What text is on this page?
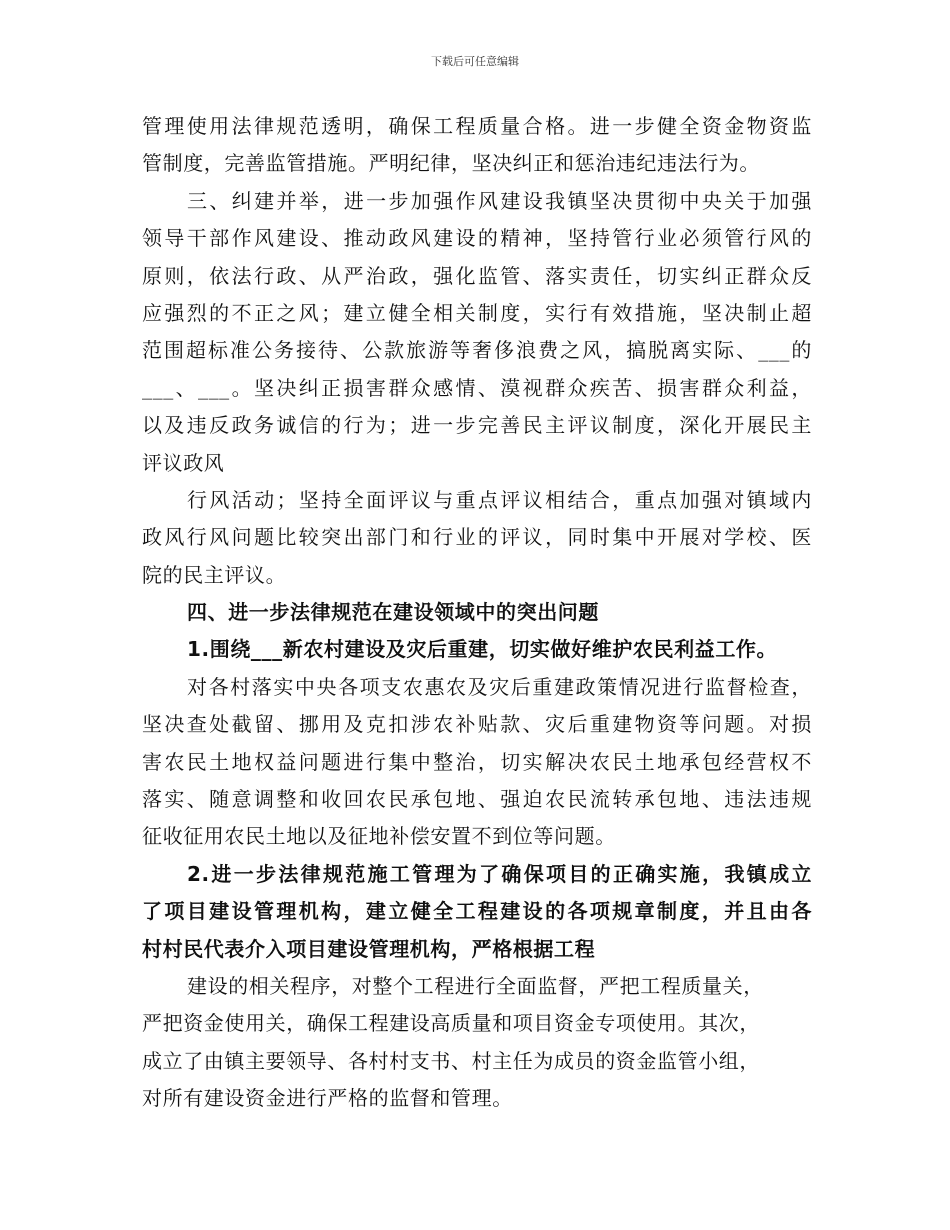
下载后可任意编辑
管理使用法律规范透明，确保工程质量合格。进一步健全资金物资监
管制度，完善监管措施。严明纪律，坚决纠正和惩治违纪违法行为。
三、纠建并举，进一步加强作风建设我镇坚决贯彻中央关于加强
领导干部作风建设、推动政风建设的精神，坚持管行业必须管行风的
原则，依法行政、从严治政，强化监管、落实责任，切实纠正群众反
应强烈的不正之风；建立健全相关制度，实行有效措施，坚决制止超
范围超标准公务接待、公款旅游等奢侈浪费之风，搞脱离实际、___的
___、___。坚决纠正损害群众感情、漠视群众疾苦、损害群众利益，
以及违反政务诚信的行为；进一步完善民主评议制度，深化开展民主
评议政风
行风活动；坚持全面评议与重点评议相结合，重点加强对镇域内
政风行风问题比较突出部门和行业的评议，同时集中开展对学校、医
院的民主评议。
四、进一步法律规范在建设领域中的突出问题
1.围绕___新农村建设及灾后重建，切实做好维护农民利益工作。
对各村落实中央各项支农惠农及灾后重建政策情况进行监督检查，
坚决查处截留、挪用及克扣涉农补贴款、灾后重建物资等问题。对损
害农民土地权益问题进行集中整治，切实解决农民土地承包经营权不
落实、随意调整和收回农民承包地、强迫农民流转承包地、违法违规
征收征用农民土地以及征地补偿安置不到位等问题。
2.进一步法律规范施工管理为了确保项目的正确实施，我镇成立
了项目建设管理机构，建立健全工程建设的各项规章制度，并且由各
村村民代表介入项目建设管理机构，严格根据工程
建设的相关程序，对整个工程进行全面监督，严把工程质量关，
严把资金使用关，确保工程建设高质量和项目资金专项使用。其次，
成立了由镇主要领导、各村村支书、村主任为成员的资金监管小组，
对所有建设资金进行严格的监督和管理。
